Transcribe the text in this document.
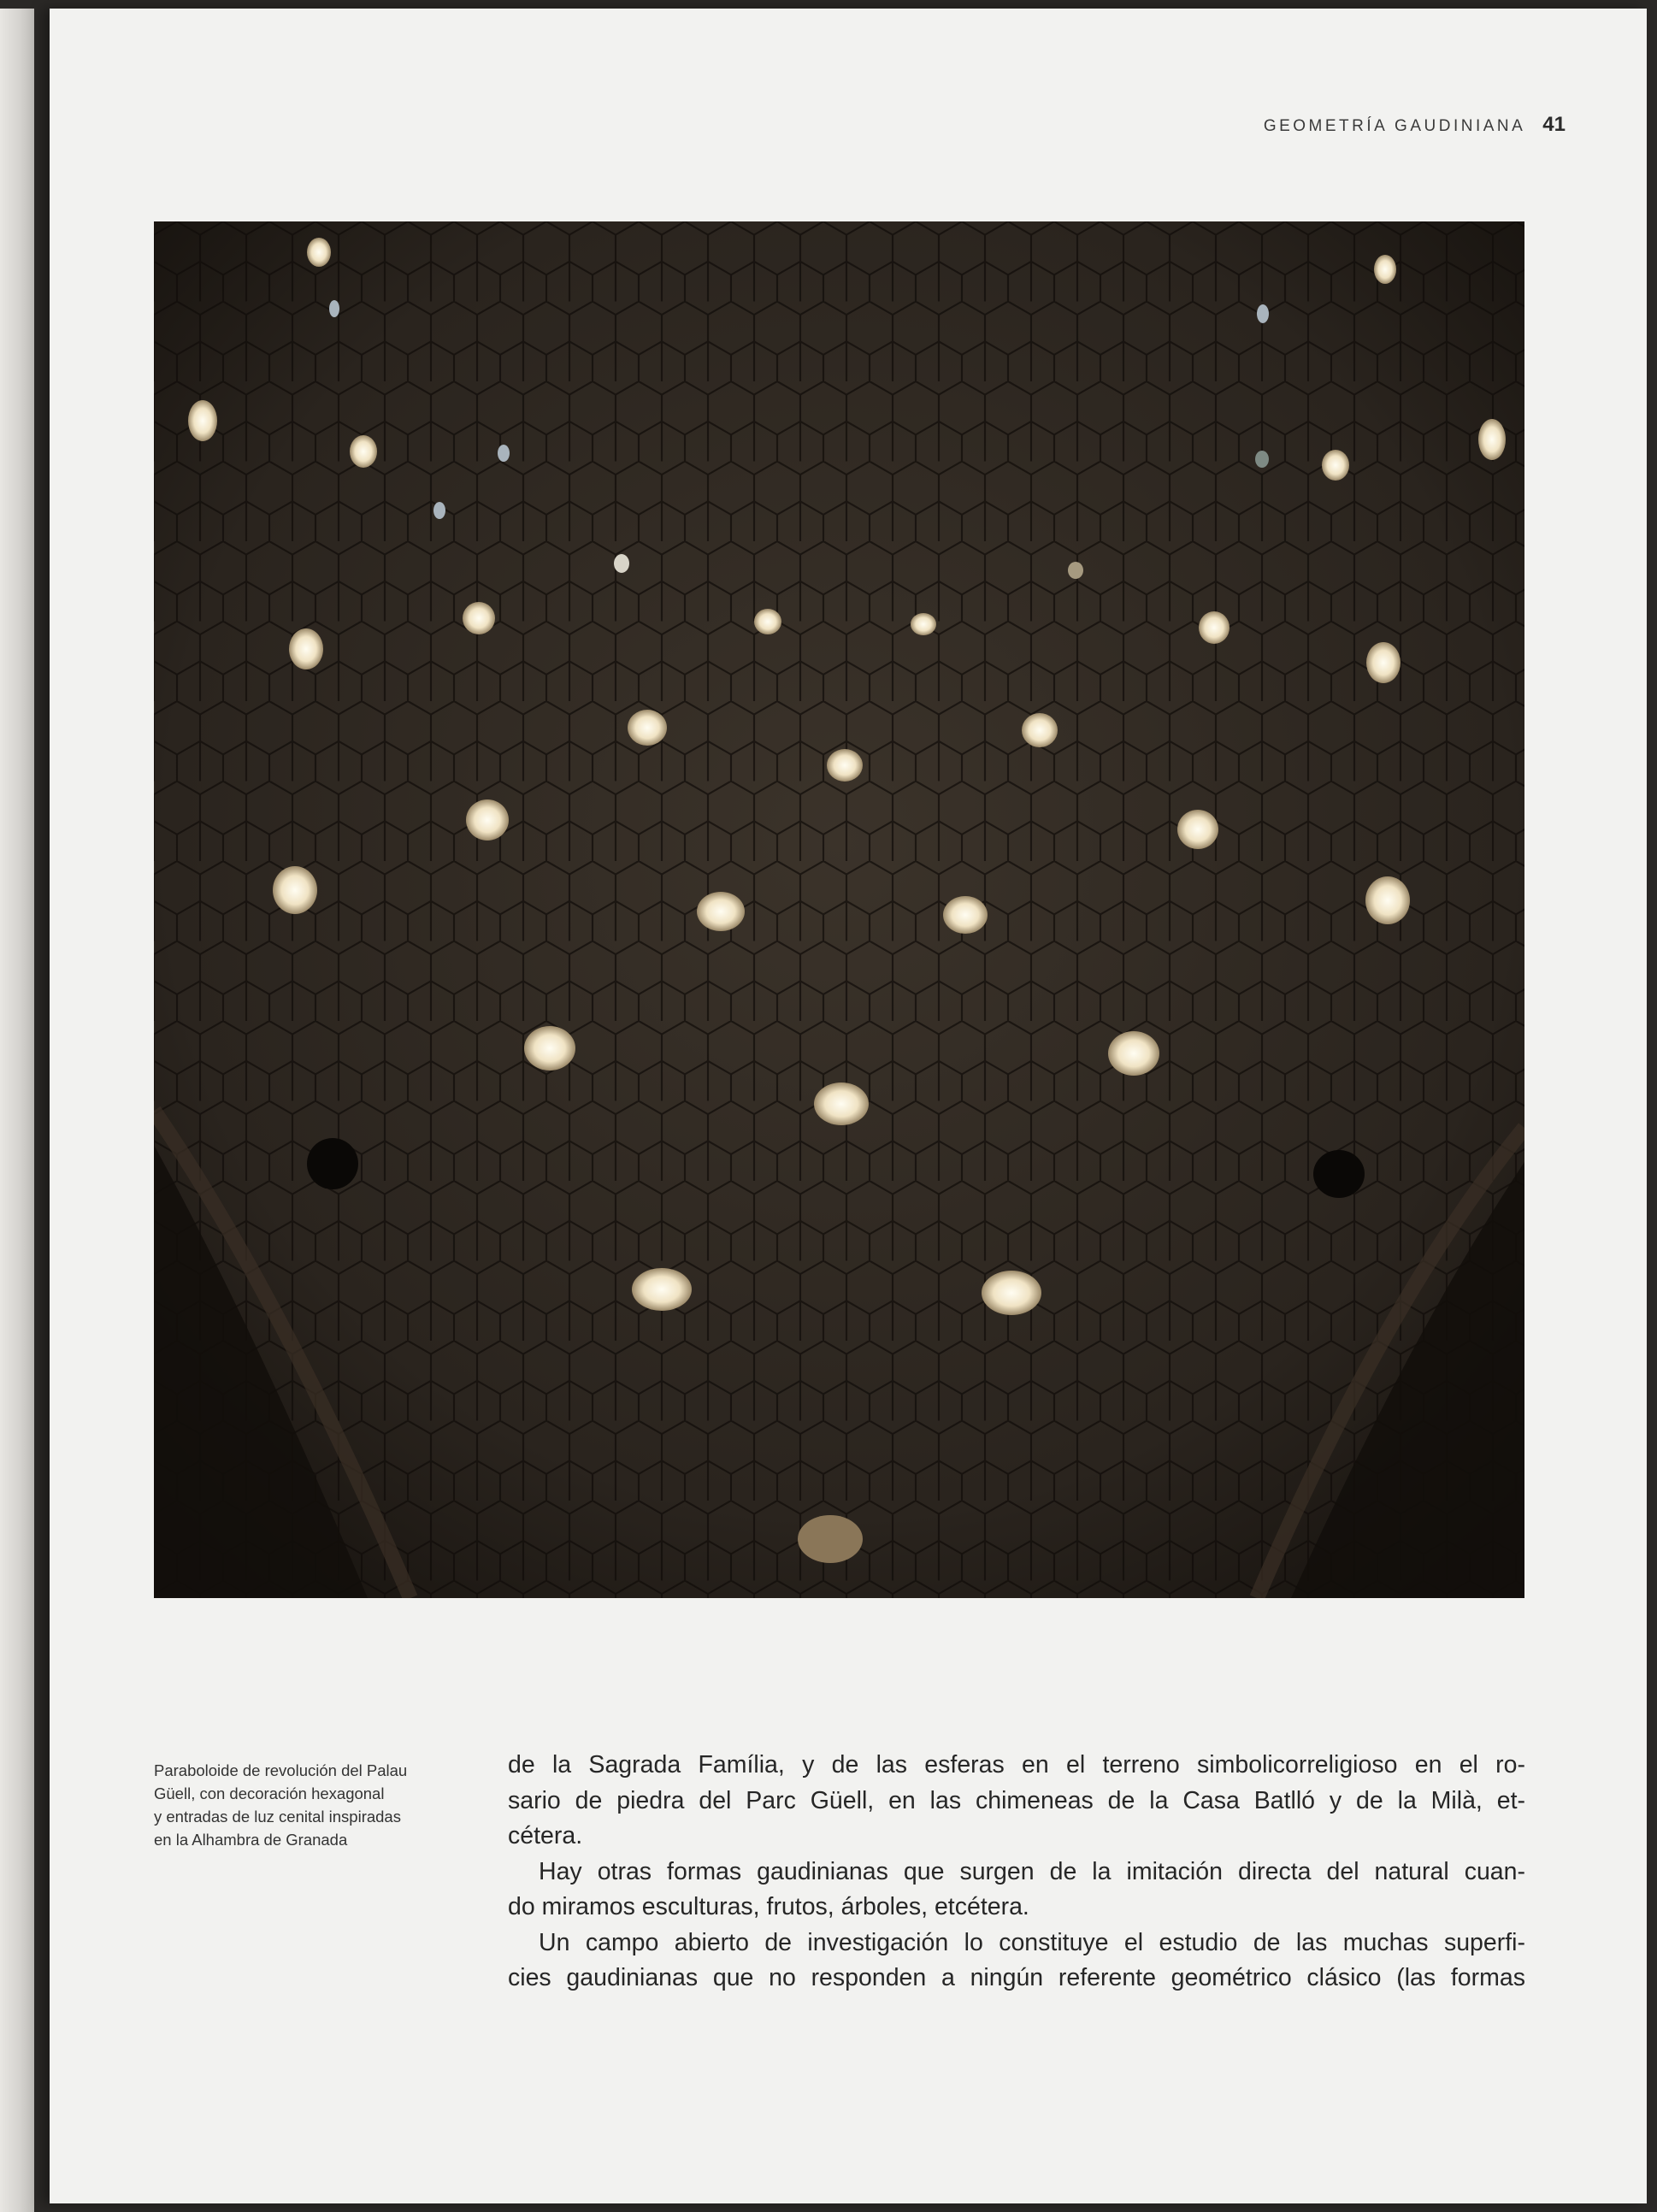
GEOMETRÍA GAUDINIANA 41
Paraboloide de revolución del Palau
Güell, con decoración hexagonal
y entradas de luz cenital inspiradas
en la Alhambra de Granada
de la Sagrada Família, y de las esferas en el terreno simbolicorreligioso en el ro-
sario de piedra del Parc Güell, en las chimeneas de la Casa Batlló y de la Milà, et-
cétera.
Hay otras formas gaudinianas que surgen de la imitación directa del natural cuan-
do miramos esculturas, frutos, árboles, etcétera.
Un campo abierto de investigación lo constituye el estudio de las muchas superfi-
cies gaudinianas que no responden a ningún referente geométrico clásico (las formas
